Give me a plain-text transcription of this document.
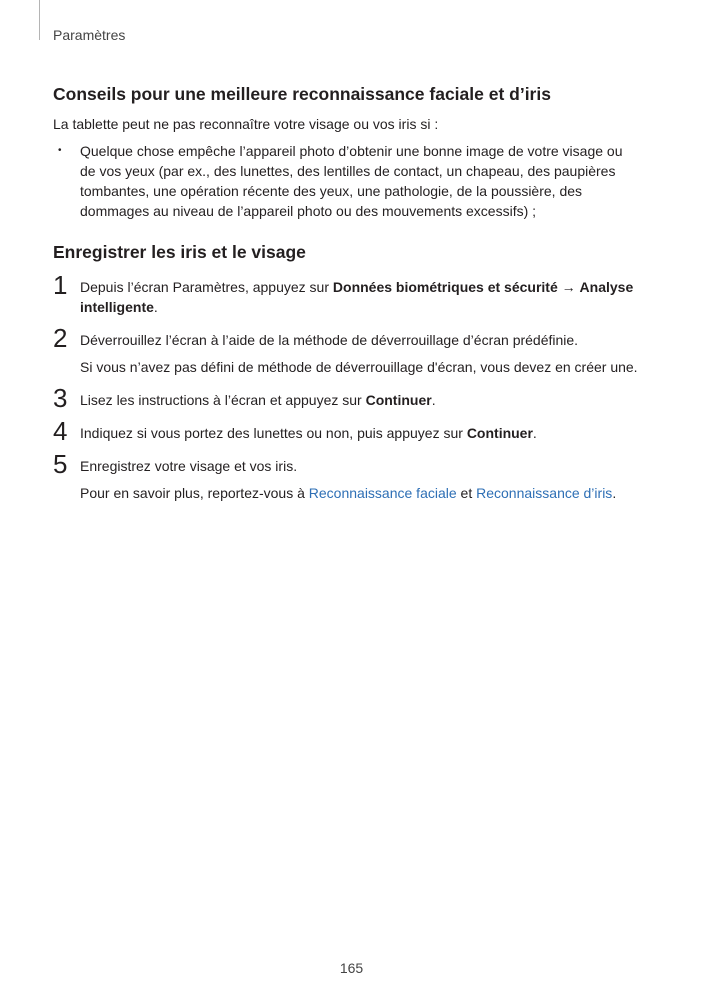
Paramètres
Conseils pour une meilleure reconnaissance faciale et d’iris

La tablette peut ne pas reconnaître votre visage ou vos iris si :

• Quelque chose empêche l’appareil photo d’obtenir une bonne image de votre visage ou de vos yeux (par ex., des lunettes, des lentilles de contact, un chapeau, des paupières tombantes, une opération récente des yeux, une pathologie, de la poussière, des dommages au niveau de l’appareil photo ou des mouvements excessifs) ;

Enregistrer les iris et le visage
1 Depuis l’écran Paramètres, appuyez sur Données biométriques et sécurité → Analyse intelligente.

2 Déverrouillez l’écran à l’aide de la méthode de déverrouillage d’écran prédéfinie.

Si vous n’avez pas défini de méthode de déverrouillage d'écran, vous devez en créer une.

3 Lisez les instructions à l’écran et appuyez sur Continuer.

4 Indiquez si vous portez des lunettes ou non, puis appuyez sur Continuer.

5 Enregistrez votre visage et vos iris.

Pour en savoir plus, reportez-vous à Reconnaissance faciale et Reconnaissance d’iris.

165
